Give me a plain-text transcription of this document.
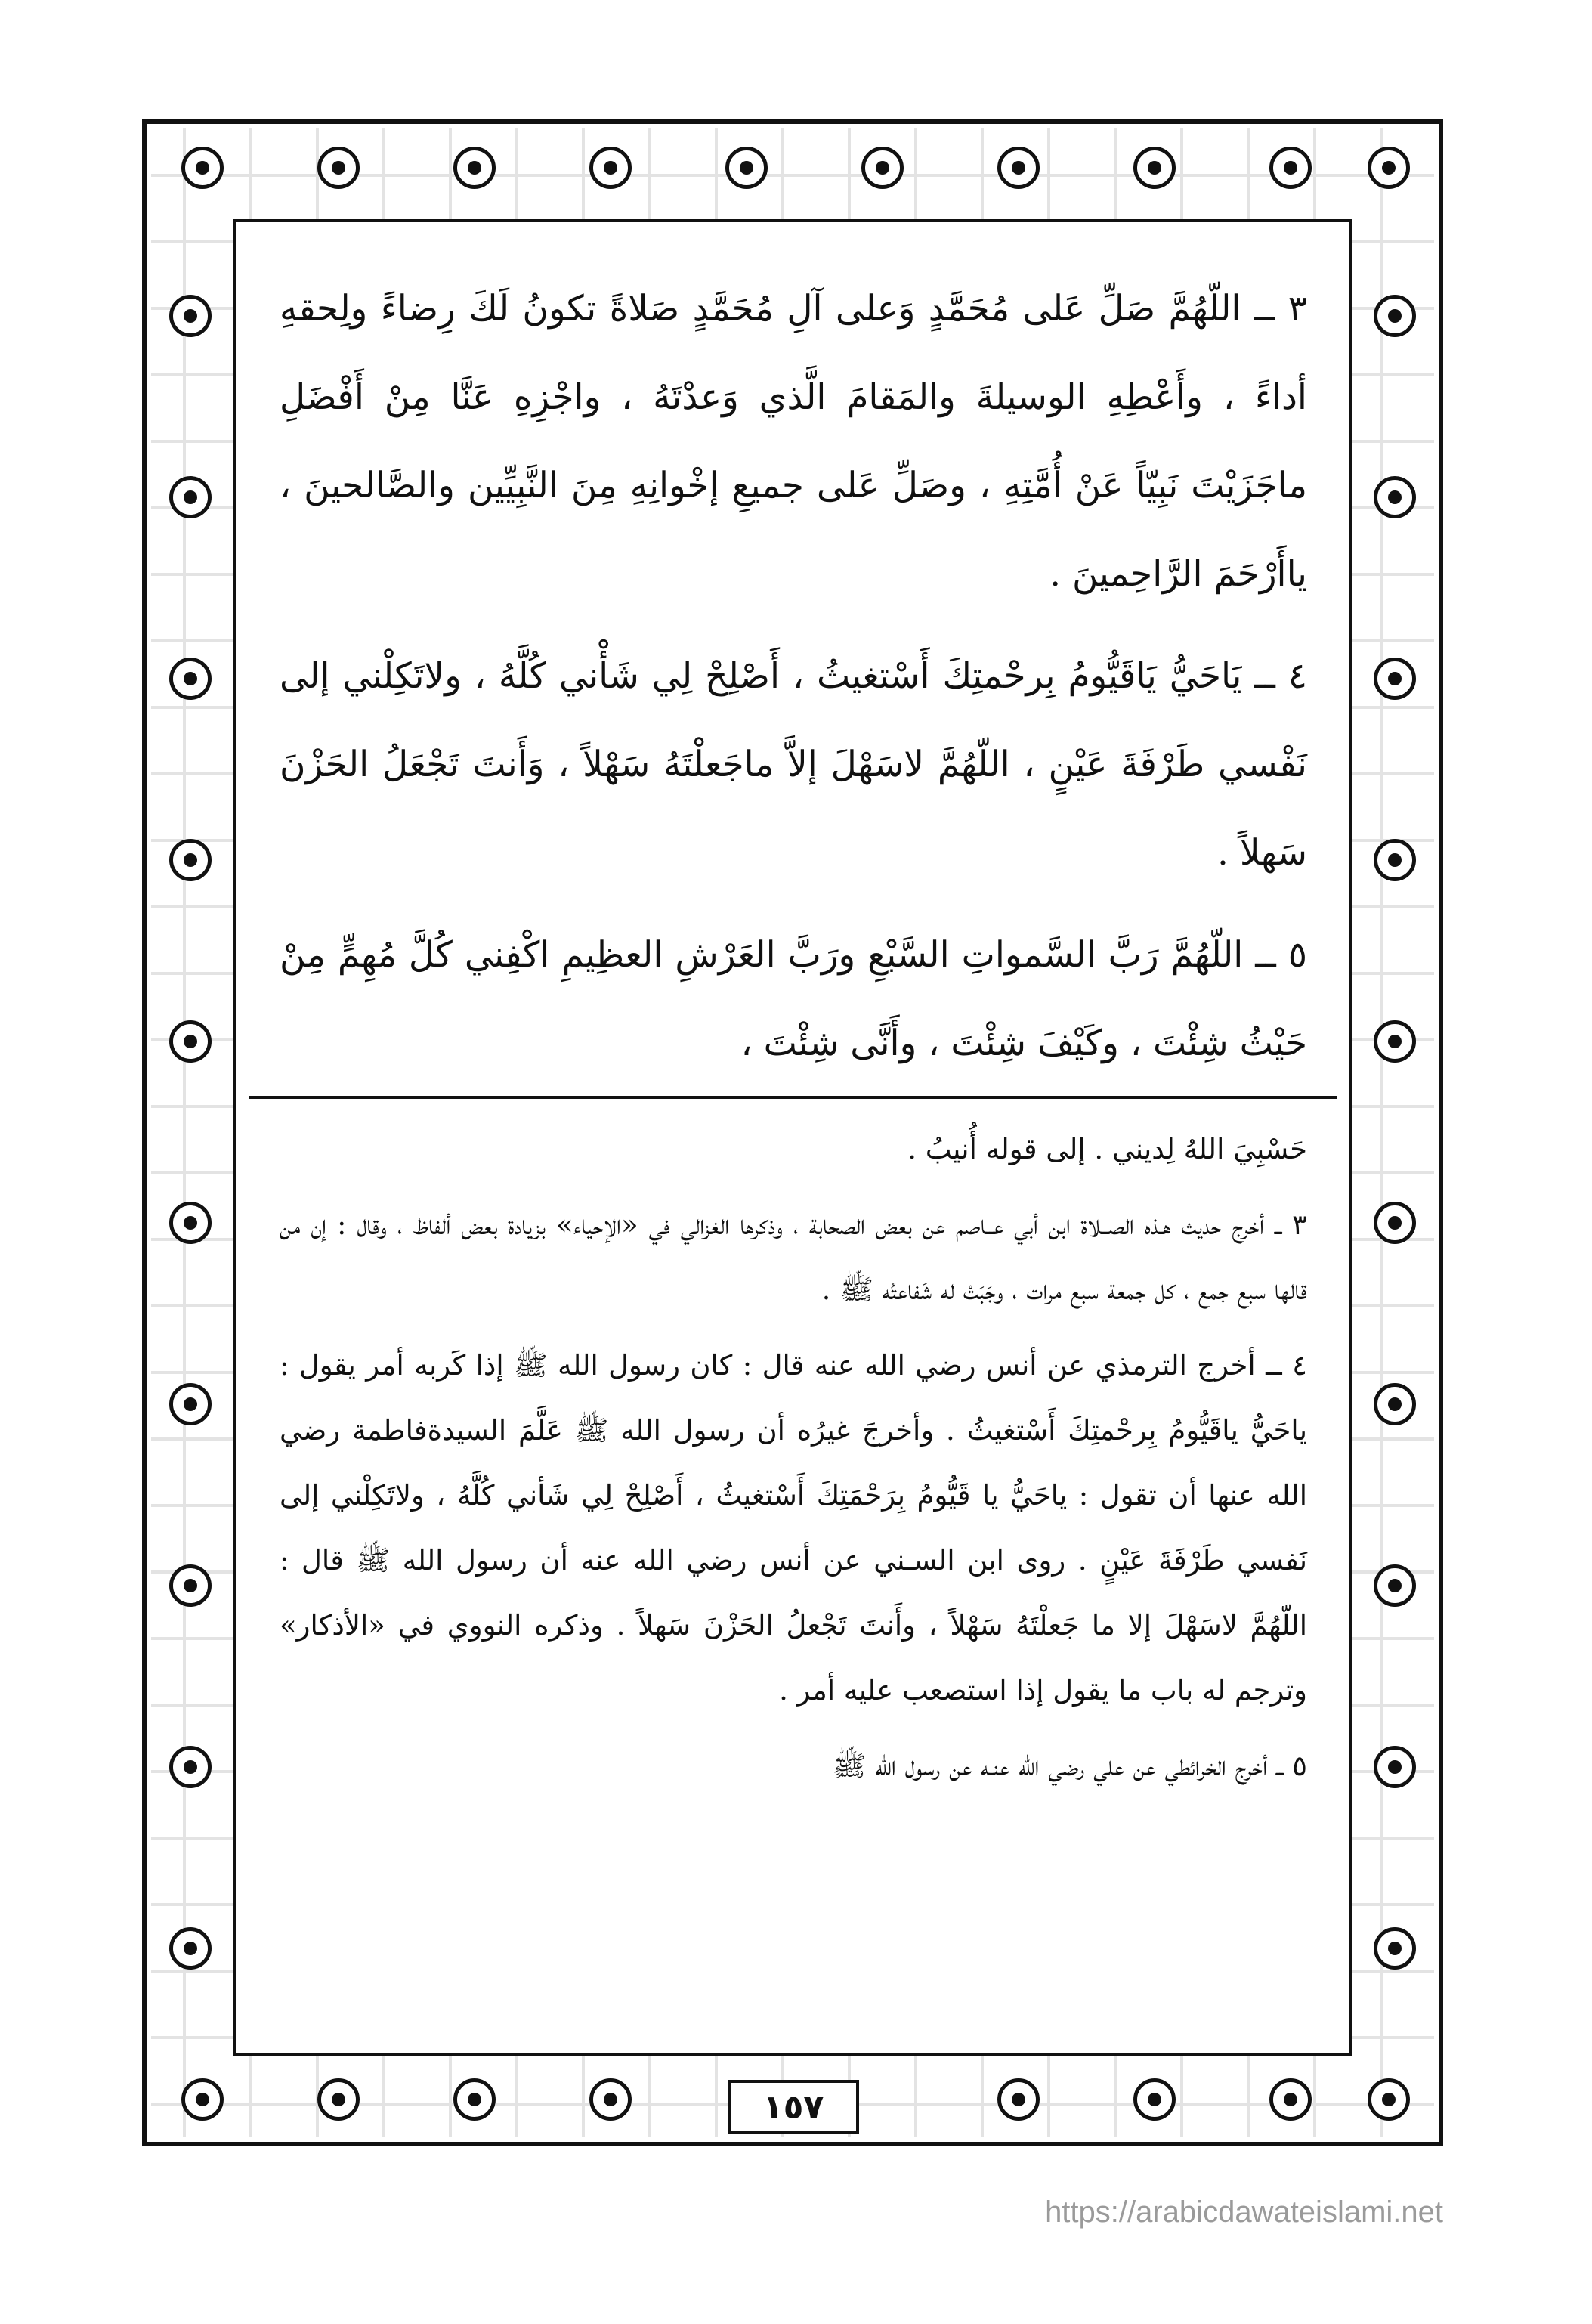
٣ ــ اللّهُمَّ صَلِّ عَلى مُحَمَّدٍ وَعلى آلِ مُحَمَّدٍ صَلاةً تكونُ لَكَ رِضاءً ولِحقهِ أداءً ، وأَعْطِهِ الوسيلةَ والمَقامَ الَّذي وَعدْتَهُ ، واجْزِهِ عَنَّا مِنْ أَفْضَلِ ماجَزَيْتَ نَبِيّاً عَنْ أُمَّتِهِ ، وصَلِّ عَلى جميعِ إخْوانِهِ مِنَ النَّبِيِّين والصَّالحينَ ، ياأَرْحَمَ الرَّاحِمينَ .

٤ ــ يَاحَيُّ يَاقَيُّومُ بِرحْمتِكَ أَسْتغيثُ ، أَصْلِحْ لِي شَأْني كُلَّهُ ، ولاتَكِلْني إلى نَفْسي طَرْفَةَ عَيْنٍ ، اللّهُمَّ لاسَهْلَ إلاَّ ماجَعلْتَهُ سَهْلاً ، وَأَنتَ تَجْعَلُ الحَزْنَ سَهلاً .

٥ ــ اللّهُمَّ رَبَّ السَّمواتِ السَّبْعِ ورَبَّ العَرْشِ العظِيمِ اكْفِني كُلَّ مُهِمٍّ مِنْ حَيْثُ شِئْتَ ، وكَيْفَ شِئْتَ ، وأَنَّى شِئْتَ ،

حَسْبِيَ اللهُ لِديني . إلى قوله أُنيبُ .

٣ ــ أخرج حديث هـذه الصــلاة ابن أبي عــاصم عن بعض الصحابة ، وذكرها الغزالي في «الإحياء» بزيادة بعض ألفاظ ، وقال : إن من قالها سبع جمع ، كل جمعة سبع مرات ، وجَبَتْ له شَفاعتُه ﷺ .

٤ ــ أخرج الترمذي عن أنس رضي الله عنه قال : كان رسول الله ﷺ إذا كَربه أمر يقول : ياحَيُّ ياقَيُّومُ بِرحْمتِكَ أَسْتغيثُ . وأخرجَ غيرُه أن رسول الله ﷺ عَلَّمَ السيدةفاطمة رضي الله عنها أن تقول : ياحَيُّ يا قَيُّومُ بِرَحْمَتِكَ أَسْتغيثُ ، أَصْلِحْ لِي شَأني كُلَّهُ ، ولاتَكِلْني إلى نَفسي طَرْفَةَ عَيْنٍ . روى ابن السـني عن أنس رضي الله عنه أن رسول الله ﷺ قال : اللّهُمَّ لاسَهْلَ إلا ما جَعلْتَهُ سَهْلاً ، وأَنتَ تَجْعلُ الحَزْنَ سَهلاً . وذكره النووي في «الأذكار» وترجم له باب ما يقول إذا استصعب عليه أمر .

٥ ــ أخرج الخرائطي عن علي رضي الله عنـه عن رسول الله ﷺ

١٥٧
https://arabicdawateislami.net
